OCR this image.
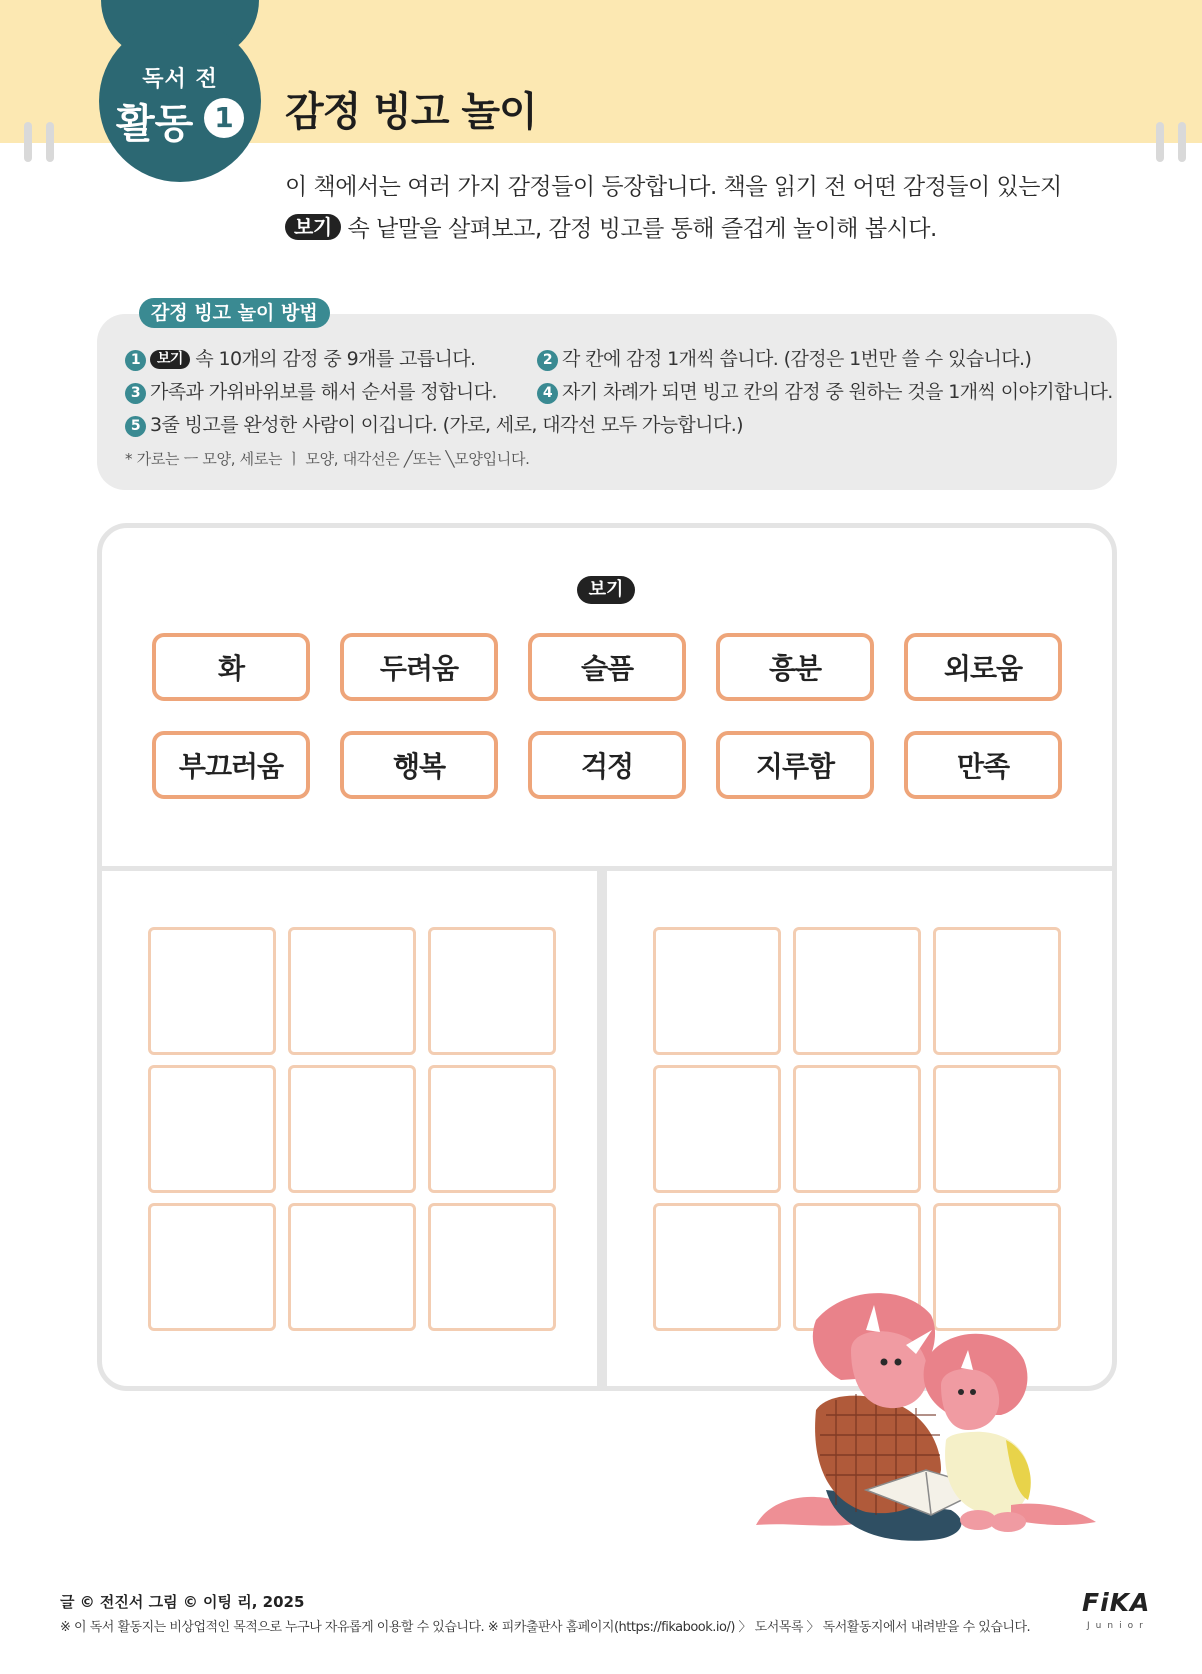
독서 전
활동 1 감정 빙고 놀이
이 책에서는 여러 가지 감정들이 등장합니다. 책을 읽기 전 어떤 감정들이 있는지
보기 속 낱말을 살펴보고, 감정 빙고를 통해 즐겁게 놀이해 봅시다.
감정 빙고 놀이 방법
1 보기 속 10개의 감정 중 9개를 고릅니다.	2 각 칸에 감정 1개씩 씁니다. (감정은 1번만 쓸 수 있습니다.)
3 가족과 가위바위보를 해서 순서를 정합니다.	4 자기 차례가 되면 빙고 칸의 감정 중 원하는 것을 1개씩 이야기합니다.
5 3줄 빙고를 완성한 사람이 이깁니다. (가로, 세로, 대각선 모두 가능합니다.)
* 가로는 ㅡ 모양, 세로는 ㅣ 모양, 대각선은 ╱또는 ╲모양입니다.
보기
화	두려움	슬픔	흥분	외로움
부끄러움	행복	걱정	지루함	만족
글 © 전진서 그림 © 이팅 리, 2025
※ 이 독서 활동지는 비상업적인 목적으로 누구나 자유롭게 이용할 수 있습니다. ※ 피카출판사 홈페이지(https://fikabook.io/) 〉 도서목록 〉 독서활동지에서 내려받을 수 있습니다.
FiKA
Junior
